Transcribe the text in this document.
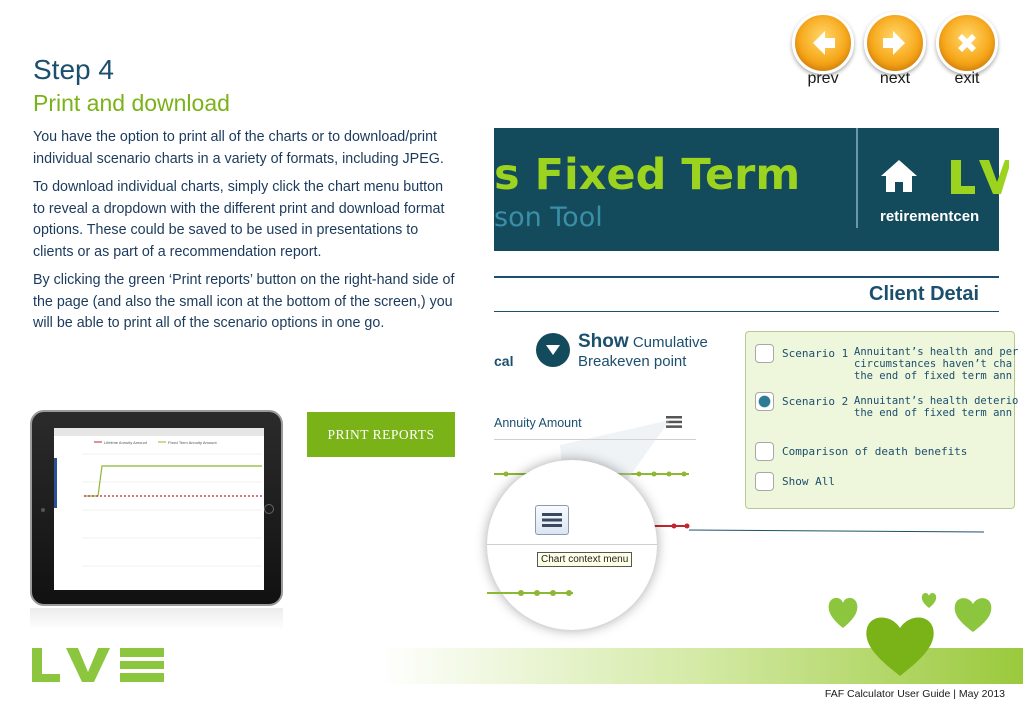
Step 4
Print and download
prev	next	exit

You have the option to print all of the charts or to download/print individual scenario charts in a variety of formats, including JPEG.

To download individual charts, simply click the chart menu button to reveal a dropdown with the different print and download format options. These could be saved to be used in presentations to clients or as part of a recommendation report.

By clicking the green ‘Print reports’ button on the right-hand side of the page (and also the small icon at the bottom of the screen,) you will be able to print all of the scenario options in one go.

Lifetime Annuity Amount	Fixed Term Annuity Amount
PRINT REPORTS
s Fixed Term
son Tool	retirementcen
Client Detai
cal
Show Cumulative
Breakeven point	Scenario 1 Annuitant’s health and per
circumstances haven’t cha
the end of fixed term ann
Scenario 2 Annuitant’s health deterio
the end of fixed term ann
Comparison of death benefits
Show All
Annuity Amount
Chart context menu
FAF Calculator User Guide | May 2013
